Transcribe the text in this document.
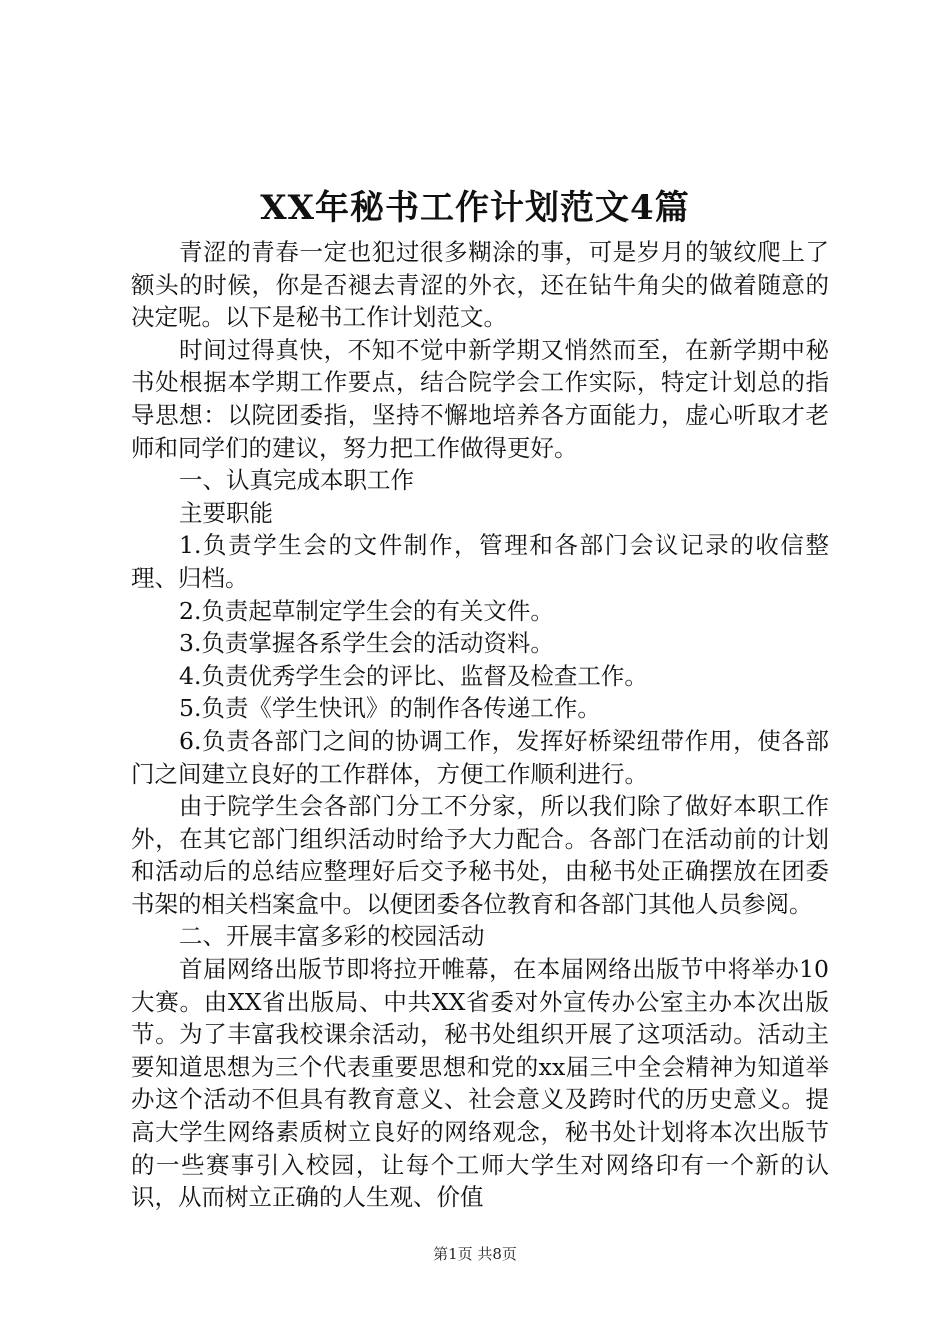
XX年秘书工作计划范文4篇

青涩的青春一定也犯过很多糊涂的事，可是岁月的皱纹爬上了额头的时候，你是否褪去青涩的外衣，还在钻牛角尖的做着随意的决定呢。以下是秘书工作计划范文。

时间过得真快，不知不觉中新学期又悄然而至，在新学期中秘书处根据本学期工作要点，结合院学会工作实际，特定计划总的指导思想：以院团委指，坚持不懈地培养各方面能力，虚心听取才老师和同学们的建议，努力把工作做得更好。

一、认真完成本职工作

主要职能

1.负责学生会的文件制作，管理和各部门会议记录的收信整理、归档。

2.负责起草制定学生会的有关文件。

3.负责掌握各系学生会的活动资料。

4.负责优秀学生会的评比、监督及检查工作。

5.负责《学生快讯》的制作各传递工作。

6.负责各部门之间的协调工作，发挥好桥梁纽带作用，使各部门之间建立良好的工作群体，方便工作顺利进行。

由于院学生会各部门分工不分家，所以我们除了做好本职工作外，在其它部门组织活动时给予大力配合。各部门在活动前的计划和活动后的总结应整理好后交予秘书处，由秘书处正确摆放在团委书架的相关档案盒中。以便团委各位教育和各部门其他人员参阅。

二、开展丰富多彩的校园活动

首届网络出版节即将拉开帷幕，在本届网络出版节中将举办10大赛。由XX省出版局、中共XX省委对外宣传办公室主办本次出版节。为了丰富我校课余活动，秘书处组织开展了这项活动。活动主要知道思想为三个代表重要思想和党的xx届三中全会精神为知道举办这个活动不但具有教育意义、社会意义及跨时代的历史意义。提高大学生网络素质树立良好的网络观念，秘书处计划将本次出版节的一些赛事引入校园，让每个工师大学生对网络印有一个新的认识，从而树立正确的人生观、价值

第1页 共8页
